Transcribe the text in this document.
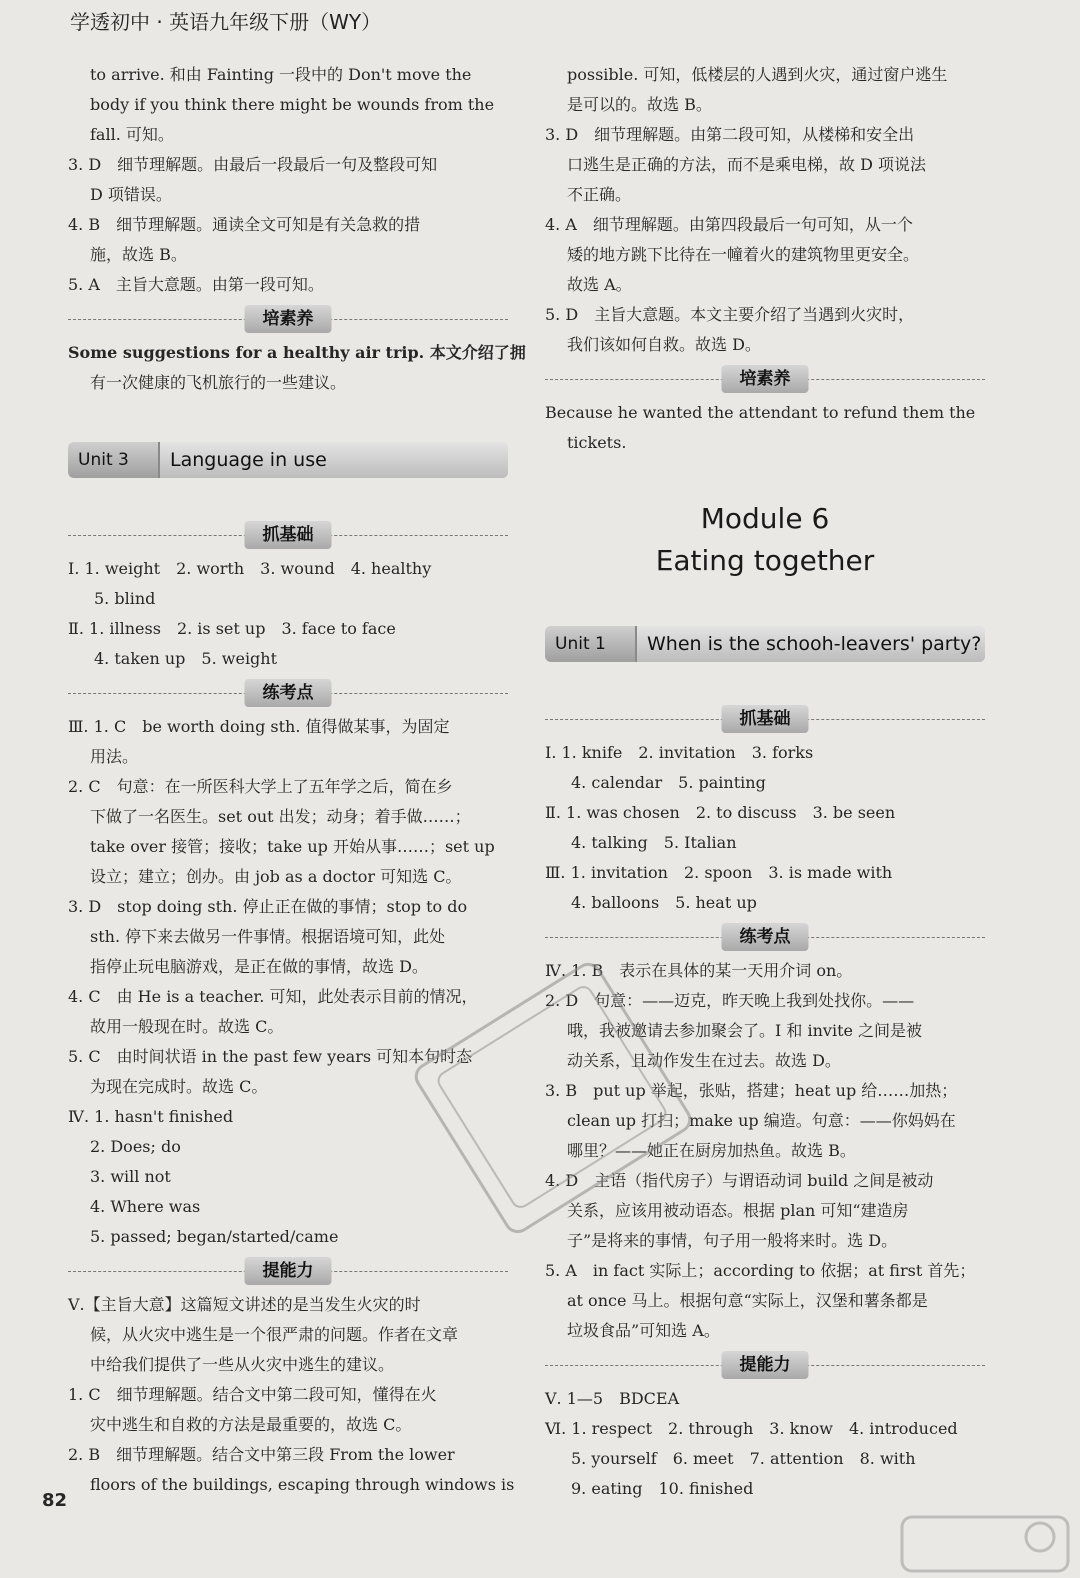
学透初中 · 英语九年级下册（WY）

to arrive. 和由 Fainting 一段中的 Don't move the

body if you think there might be wounds from the

fall. 可知。

3. D　细节理解题。由最后一段最后一句及整段可知

D 项错误。

4. B　细节理解题。通读全文可知是有关急救的措

施，故选 B。

5. A　主旨大意题。由第一段可知。

培素养

Some suggestions for a healthy air trip. 本文介绍了拥

有一次健康的飞机旅行的一些建议。

Unit 3	Language in use
抓基础

Ⅰ. 1. weight　2. worth　3. wound　4. healthy

5. blind

Ⅱ. 1. illness　2. is set up　3. face to face

4. taken up　5. weight

练考点

Ⅲ. 1. C　be worth doing sth. 值得做某事，为固定

用法。

2. C　句意：在一所医科大学上了五年学之后，简在乡

下做了一名医生。set out 出发；动身；着手做……；

take over 接管；接收；take up 开始从事……；set up

设立；建立；创办。由 job as a doctor 可知选 C。

3. D　stop doing sth. 停止正在做的事情；stop to do

sth. 停下来去做另一件事情。根据语境可知，此处

指停止玩电脑游戏，是正在做的事情，故选 D。

4. C　由 He is a teacher. 可知，此处表示目前的情况，

故用一般现在时。故选 C。

5. C　由时间状语 in the past few years 可知本句时态

为现在完成时。故选 C。

Ⅳ. 1. hasn't finished

2. Does; do

3. will not

4. Where was

5. passed; began/started/came

提能力

Ⅴ.【主旨大意】这篇短文讲述的是当发生火灾的时

候，从火灾中逃生是一个很严肃的问题。作者在文章

中给我们提供了一些从火灾中逃生的建议。

1. C　细节理解题。结合文中第二段可知，懂得在火

灾中逃生和自救的方法是最重要的，故选 C。

2. B　细节理解题。结合文中第三段 From the lower

floors of the buildings, escaping through windows is

possible. 可知，低楼层的人遇到火灾，通过窗户逃生

是可以的。故选 B。

3. D　细节理解题。由第二段可知，从楼梯和安全出

口逃生是正确的方法，而不是乘电梯，故 D 项说法

不正确。

4. A　细节理解题。由第四段最后一句可知，从一个

矮的地方跳下比待在一幢着火的建筑物里更安全。

故选 A。

5. D　主旨大意题。本文主要介绍了当遇到火灾时，

我们该如何自救。故选 D。

培素养

Because he wanted the attendant to refund them the

tickets.

Module 6
Eating together
Unit 1	When is the schooh-leavers' party?
抓基础

Ⅰ. 1. knife　2. invitation　3. forks

4. calendar　5. painting

Ⅱ. 1. was chosen　2. to discuss　3. be seen

4. talking　5. Italian

Ⅲ. 1. invitation　2. spoon　3. is made with

4. balloons　5. heat up

练考点

Ⅳ. 1. B　表示在具体的某一天用介词 on。

2. D　句意：——迈克，昨天晚上我到处找你。——

哦，我被邀请去参加聚会了。I 和 invite 之间是被

动关系，且动作发生在过去。故选 D。

3. B　put up 举起，张贴，搭建；heat up 给……加热；

clean up 打扫；make up 编造。句意：——你妈妈在

哪里？——她正在厨房加热鱼。故选 B。

4. D　主语（指代房子）与谓语动词 build 之间是被动

关系，应该用被动语态。根据 plan 可知“建造房

子”是将来的事情，句子用一般将来时。选 D。

5. A　in fact 实际上；according to 依据；at first 首先；

at once 马上。根据句意“实际上，汉堡和薯条都是

垃圾食品”可知选 A。

提能力

Ⅴ. 1—5　BDCEA

Ⅵ. 1. respect　2. through　3. know　4. introduced

5. yourself　6. meet　7. attention　8. with

9. eating　10. finished

82
